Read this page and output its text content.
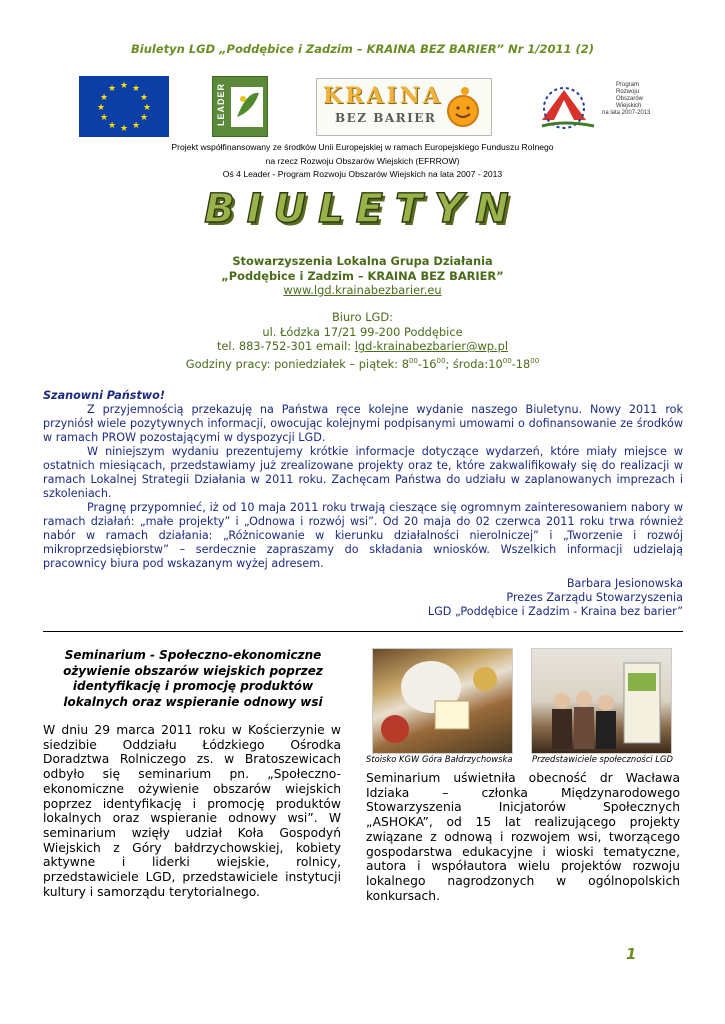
Biuletyn LGD „Poddębice i Zadzim – KRAINA BEZ BARIER” Nr 1/2011 (2)
★ ★
★
★
★
★
★
★
★
★
★
★	LEADER	KRAINA
BEZ BARIER
Program
Rozwoju
Obszarów
Wiejskich
na lata 2007-2013
Projekt współfinansowany ze środków Unii Europejskiej w ramach Europejskiego Funduszu Rolnego
na rzecz Rozwoju Obszarów Wiejskich (EFRROW)
Oś 4 Leader - Program Rozwoju Obszarów Wiejskich na lata 2007 - 2013
BIULETYN
Stowarzyszenia Lokalna Grupa Działania
„Poddębice i Zadzim – KRAINA BEZ BARIER”
www.lgd.krainabezbarier.eu
Biuro LGD:
ul. Łódzka 17/21 99-200 Poddębice
tel. 883-752-301 email: lgd-krainabezbarier@wp.pl
Godziny pracy: poniedziałek – piątek: $8^{00}-16^{00}$; $środa:10^{00}-18^{00}$
Szanowni Państwo!

Z przyjemnością przekazuję na Państwa ręce kolejne wydanie naszego Biuletynu. Nowy 2011 rok przyniósł wiele pozytywnych informacji, owocując kolejnymi podpisanymi umowami o dofinansowanie ze środków w ramach PROW pozostającymi w dyspozycji LGD.

W niniejszym wydaniu prezentujemy krótkie informacje dotyczące wydarzeń, które miały miejsce w ostatnich miesiącach, przedstawiamy już zrealizowane projekty oraz te, które zakwalifikowały się do realizacji w ramach Lokalnej Strategii Działania w 2011 roku. Zachęcam Państwa do udziału w zaplanowanych imprezach i szkoleniach.

Pragnę przypomnieć, iż od 10 maja 2011 roku trwają cieszące się ogromnym zainteresowaniem nabory w ramach działań: „małe projekty” i „Odnowa i rozwój wsi”. Od 20 maja do 02 czerwca 2011 roku trwa również nabór w ramach działania: „Różnicowanie w kierunku działalności nierolniczej” i „Tworzenie i rozwój mikroprzedsiębiorstw” – serdecznie zapraszamy do składania wniosków. Wszelkich informacji udzielają pracownicy biura pod wskazanym wyżej adresem.

Barbara Jesionowska
Prezes Zarządu Stowarzyszenia
LGD „Poddębice i Zadzim - Kraina bez barier”
Seminarium - Społeczno-ekonomiczne
ożywienie obszarów wiejskich poprzez
identyfikację i promocję produktów
lokalnych oraz wspieranie odnowy wsi
W dniu 29 marca 2011 roku w Kościerzynie w siedzibie Oddziału Łódzkiego Ośrodka Doradztwa Rolniczego zs. w Bratoszewicach odbyło się seminarium pn. „Społeczno-ekonomiczne ożywienie obszarów wiejskich poprzez identyfikację i promocję produktów lokalnych oraz wspieranie odnowy wsi”. W seminarium wzięły udział Koła Gospodyń Wiejskich z Góry bałdrzychowskiej, kobiety aktywne i liderki wiejskie, rolnicy, przedstawiciele LGD, przedstawiciele instytucji kultury i samorządu terytorialnego.
Stoisko KGW Góra Bałdrzychowska Przedstawiciele społeczności LGD
Seminarium uświetniła obecność dr Wacława Idziaka – członka Międzynarodowego Stowarzyszenia Inicjatorów Społecznych „ASHOKA”, od 15 lat realizującego projekty związane z odnową i rozwojem wsi, tworzącego gospodarstwa edukacyjne i wioski tematyczne, autora i współautora wielu projektów rozwoju lokalnego nagrodzonych w ogólnopolskich konkursach.
1
